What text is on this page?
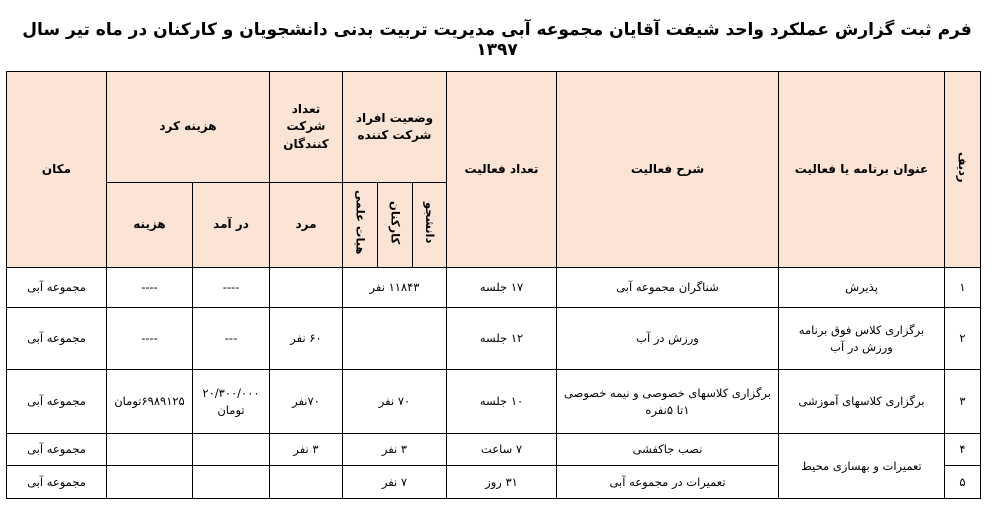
فرم ثبت گزارش عملکرد واحد شیفت آقایان مجموعه آبی مدیریت تربیت بدنی دانشجویان و کارکنان در ماه تیر سال ۱۳۹۷
ردیف	عنوان برنامه یا فعالیت	شرح فعالیت	تعداد فعالیت	وضعیت افراد شرکت کننده			تعداد شرکت کنندگان	هزینه کرد		مکان
				دانشجو	کارکنان	هیات علمی	مرد	در آمد	هزینه	
۱	پذیرش	شناگران مجموعه آبی	۱۷ جلسه	۱۱۸۴۳ نفر				----	----	مجموعه آبی
۲	برگزاری کلاس فوق برنامه ورزش در آب	ورزش در آب	۱۲ جلسه				۶۰ نفر	---	----	مجموعه آبی
۳	برگزاری کلاسهای آموزشی	برگزاری کلاسهای خصوصی و نیمه خصوصی ۱تا ۵نفره	۱۰ جلسه	۷۰ نفر			۷۰نفر	۲۰/۳۰۰/۰۰۰ تومان	۶۹۸۹۱۲۵تومان	مجموعه آبی
۴	تعمیرات و بهسازی محیط	نصب جاکفشی	۷ ساعت	۳ نفر			۳ نفر			مجموعه آبی
۵		تعمیرات در مجموعه آبی	۳۱ روز	۷ نفر						مجموعه آبی
